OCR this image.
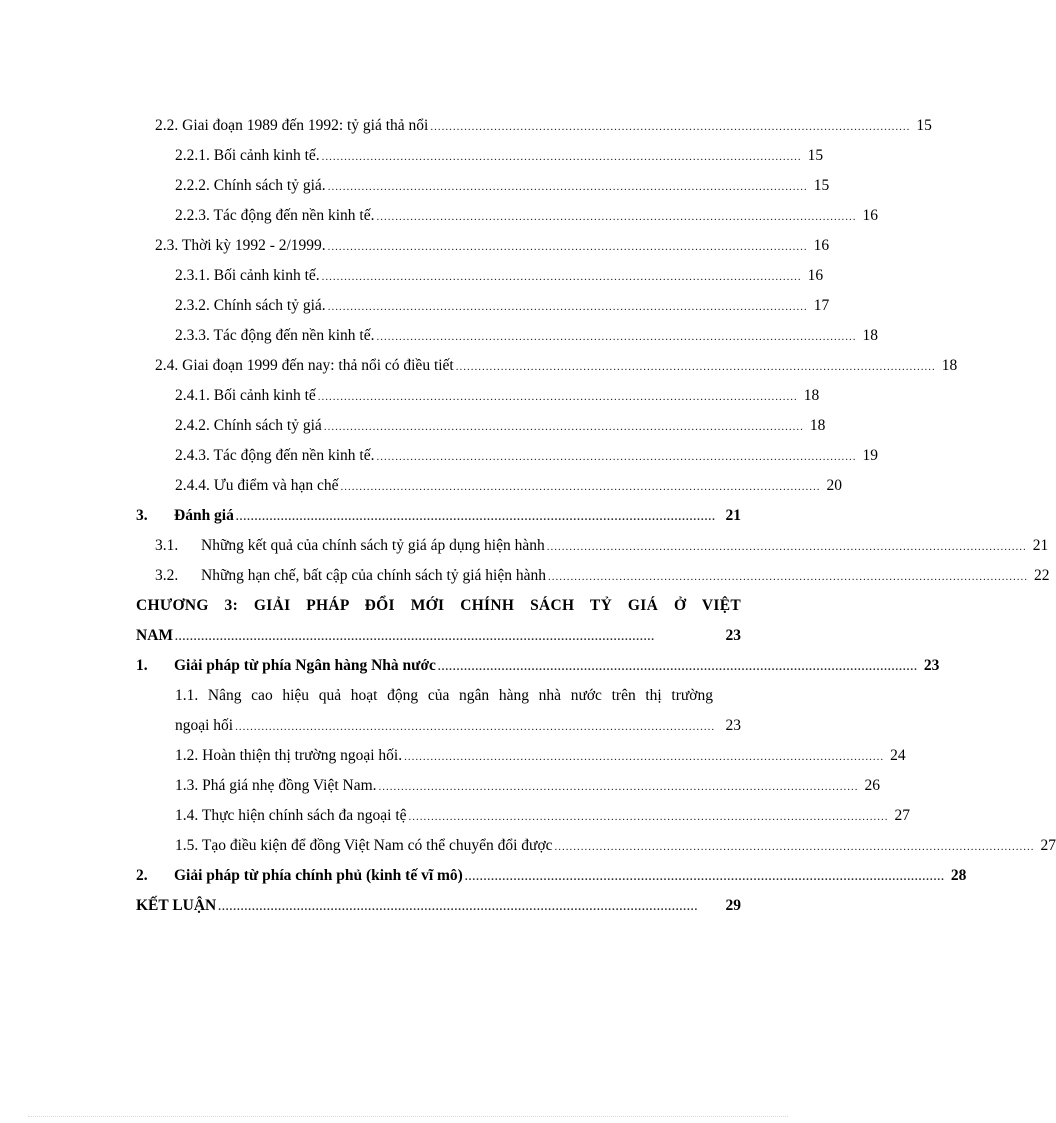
2.2. Giai đoạn 1989 đến 1992: tỷ giá thả nổi ................................................................................................................................ 15
2.2.1. Bối cảnh kinh tế. ................................................................................................................................ 15
2.2.2. Chính sách tỷ giá. ................................................................................................................................ 15
2.2.3. Tác động đến nền kinh tế. ................................................................................................................................ 16
2.3. Thời kỳ 1992 - 2/1999. ................................................................................................................................ 16
2.3.1. Bối cảnh kinh tế. ................................................................................................................................ 16
2.3.2. Chính sách tỷ giá. ................................................................................................................................ 17
2.3.3. Tác động đến nền kinh tế. ................................................................................................................................ 18
2.4. Giai đoạn 1999 đến nay: thả nổi có điều tiết ................................................................................................................................ 18
2.4.1. Bối cảnh kinh tế ................................................................................................................................ 18
2.4.2. Chính sách tỷ giá ................................................................................................................................ 18
2.4.3. Tác động đến nền kinh tế. ................................................................................................................................ 19
2.4.4. Ưu điểm và hạn chế ................................................................................................................................ 20
3. Đánh giá ................................................................................................................................ 21
3.1. Những kết quả của chính sách tỷ giá áp dụng hiện hành ................................................................................................................................ 21
3.2. Những hạn chế, bất cập của chính sách tỷ giá hiện hành ................................................................................................................................ 22
CHƯƠNG 3: GIẢI PHÁP ĐỔI MỚI CHÍNH SÁCH TỶ GIÁ Ở VIỆT
NAM ................................................................................................................................	23
1. Giải pháp từ phía Ngân hàng Nhà nước ................................................................................................................................ 23
1.1. Nâng cao hiệu quả hoạt động của ngân hàng nhà nước trên thị trường
ngoại hối ................................................................................................................................ 23
1.2. Hoàn thiện thị trường ngoại hối. ................................................................................................................................ 24
1.3. Phá giá nhẹ đồng Việt Nam. ................................................................................................................................ 26
1.4. Thực hiện chính sách đa ngoại tệ ................................................................................................................................ 27
1.5. Tạo điều kiện để đồng Việt Nam có thể chuyển đổi được ................................................................................................................................ 27
2. Giải pháp từ phía chính phủ (kinh tế vĩ mô) ................................................................................................................................ 28
KẾT LUẬN ................................................................................................................................	29
